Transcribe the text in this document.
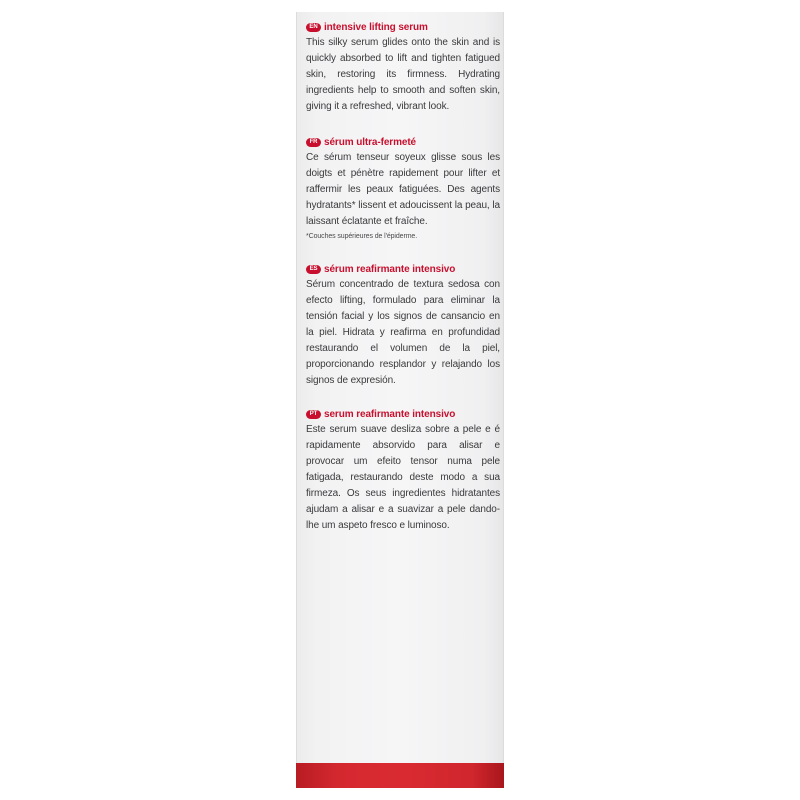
EN intensive lifting serum
This silky serum glides onto the skin and is quickly absorbed to lift and tighten fatigued skin, restoring its firmness. Hydrating ingredients help to smooth and soften skin, giving it a refreshed, vibrant look.
FR sérum ultra-fermeté
Ce sérum tenseur soyeux glisse sous les doigts et pénètre rapidement pour lifter et raffermir les peaux fatiguées. Des agents hydratants* lissent et adoucissent la peau, la laissant éclatante et fraîche.
*Couches supérieures de l'épiderme.
ES sérum reafirmante intensivo
Sérum concentrado de textura sedosa con efecto lifting, formulado para eliminar la tensión facial y los signos de cansancio en la piel. Hidrata y reafirma en profundidad restaurando el volumen de la piel, proporcionando resplandor y relajando los signos de expresión.
PT serum reafirmante intensivo
Este serum suave desliza sobre a pele e é rapidamente absorvido para alisar e provocar um efeito tensor numa pele fatigada, restaurando deste modo a sua firmeza. Os seus ingredientes hidratantes ajudam a alisar e a suavizar a pele dando-lhe um aspeto fresco e luminoso.
